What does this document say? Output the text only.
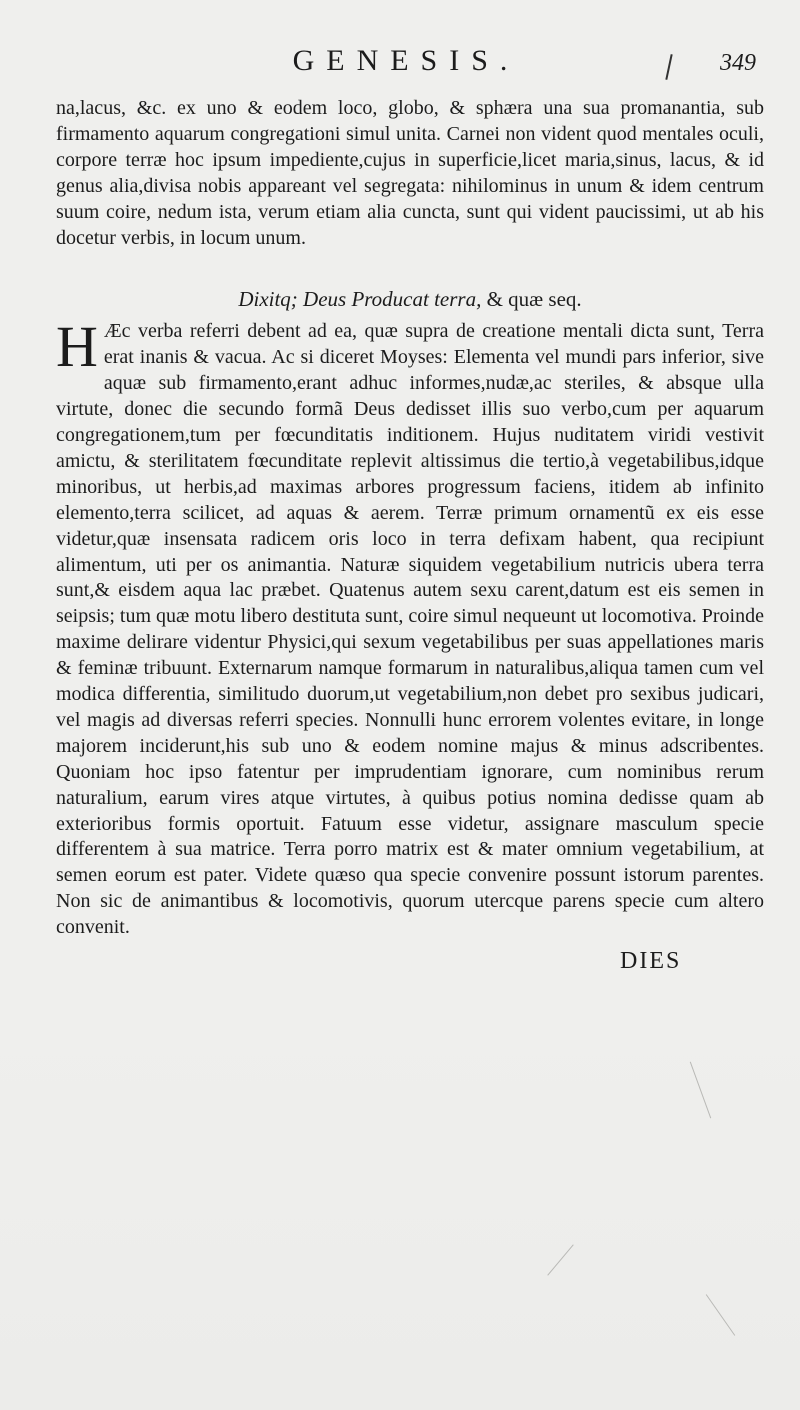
GENESIS.	349

na,lacus, &c. ex uno & eodem loco, globo, & sphæra una sua promanantia, sub firmamento aquarum congregationi simul unita. Carnei non vident quod mentales oculi, corpore terræ hoc ipsum impediente,cujus in superficie,licet maria,sinus, lacus, & id genus alia,divisa nobis appareant vel segregata: nihilominus in unum & idem centrum suum coire, nedum ista, verum etiam alia cuncta, sunt qui vident paucissimi, ut ab his docetur verbis, in locum unum.

Dixitq; Deus Producat terra, & quæ seq.

H Æc verba referri debent ad ea, quæ supra de creatione mentali dicta sunt, Terra erat inanis & vacua. Ac si diceret Moyses: Elementa vel mundi pars inferior, sive aquæ sub firmamento,erant adhuc informes,nudæ,ac steriles, & absque ulla virtute, donec die secundo formã Deus dedisset illis suo verbo,cum per aquarum congregationem,tum per fœcunditatis inditionem. Hujus nuditatem viridi vestivit amictu, & sterilitatem fœcunditate replevit altissimus die tertio,à vegetabilibus,idque minoribus, ut herbis,ad maximas arbores progressum faciens, itidem ab infinito elemento,terra scilicet, ad aquas & aerem. Terræ primum ornamentũ ex eis esse videtur,quæ insensata radicem oris loco in terra defixam habent, qua recipiunt alimentum, uti per os animantia. Naturæ siquidem vegetabilium nutricis ubera terra sunt,& eisdem aqua lac præbet. Quatenus autem sexu carent,datum est eis semen in seipsis; tum quæ motu libero destituta sunt, coire simul nequeunt ut locomotiva. Proinde maxime delirare videntur Physici,qui sexum vegetabilibus per suas appellationes maris & feminæ tribuunt. Externarum namque formarum in naturalibus,aliqua tamen cum vel modica differentia, similitudo duorum,ut vegetabilium,non debet pro sexibus judicari, vel magis ad diversas referri species. Nonnulli hunc errorem volentes evitare, in longe majorem inciderunt,his sub uno & eodem nomine majus & minus adscribentes. Quoniam hoc ipso fatentur per imprudentiam ignorare, cum nominibus rerum naturalium, earum vires atque virtutes, à quibus potius nomina dedisse quam ab exterioribus formis oportuit. Fatuum esse videtur, assignare masculum specie differentem à sua matrice. Terra porro matrix est & mater omnium vegetabilium, at semen eorum est pater. Videte quæso qua specie convenire possunt istorum parentes. Non sic de animantibus & locomotivis, quorum utercque parens specie cum altero convenit.

DIES
